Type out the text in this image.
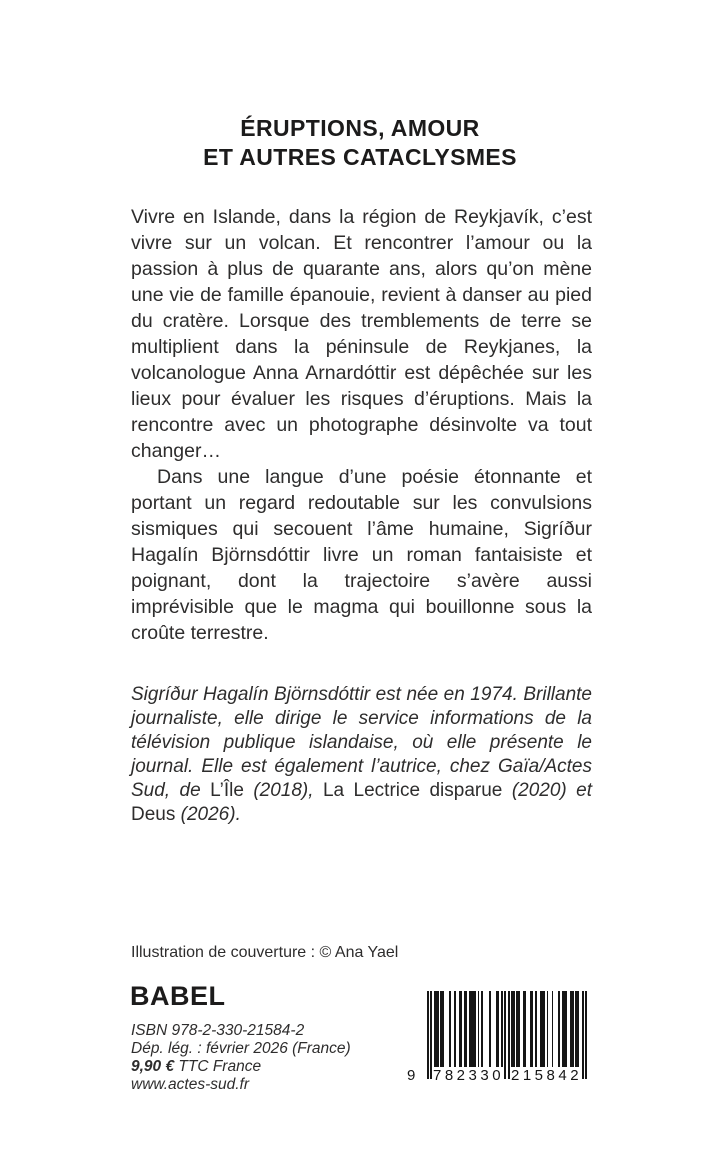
ÉRUPTIONS, AMOUR
ET AUTRES CATACLYSMES

Vivre en Islande, dans la région de Reykjavík, c’est vivre sur un volcan. Et rencontrer l’amour ou la passion à plus de quarante ans, alors qu’on mène une vie de famille épanouie, revient à danser au pied du cratère. Lorsque des tremblements de terre se multiplient dans la péninsule de Reykjanes, la volcanologue Anna Arnardóttir est dépêchée sur les lieux pour évaluer les risques d’éruptions. Mais la rencontre avec un photographe désinvolte va tout changer…

Dans une langue d’une poésie étonnante et portant un regard redoutable sur les convulsions sismiques qui secouent l’âme humaine, Sigríður Hagalín Björnsdóttir livre un roman fantaisiste et poignant, dont la trajectoire s’avère aussi imprévisible que le magma qui bouillonne sous la croûte terrestre.

Sigríður Hagalín Björnsdóttir est née en 1974. Brillante journaliste, elle dirige le service informations de la télévision publique islandaise, où elle présente le journal. Elle est également l’autrice, chez Gaïa/Actes Sud, de L’Île (2018), La Lectrice disparue (2020) et Deus (2026).
Illustration de couverture : © Ana Yael
BABEL
ISBN 978-2-330-21584-2
Dép. lég. : février 2026 (France)
9,90 € TTC France
www.actes-sud.fr
9 782330 215842
